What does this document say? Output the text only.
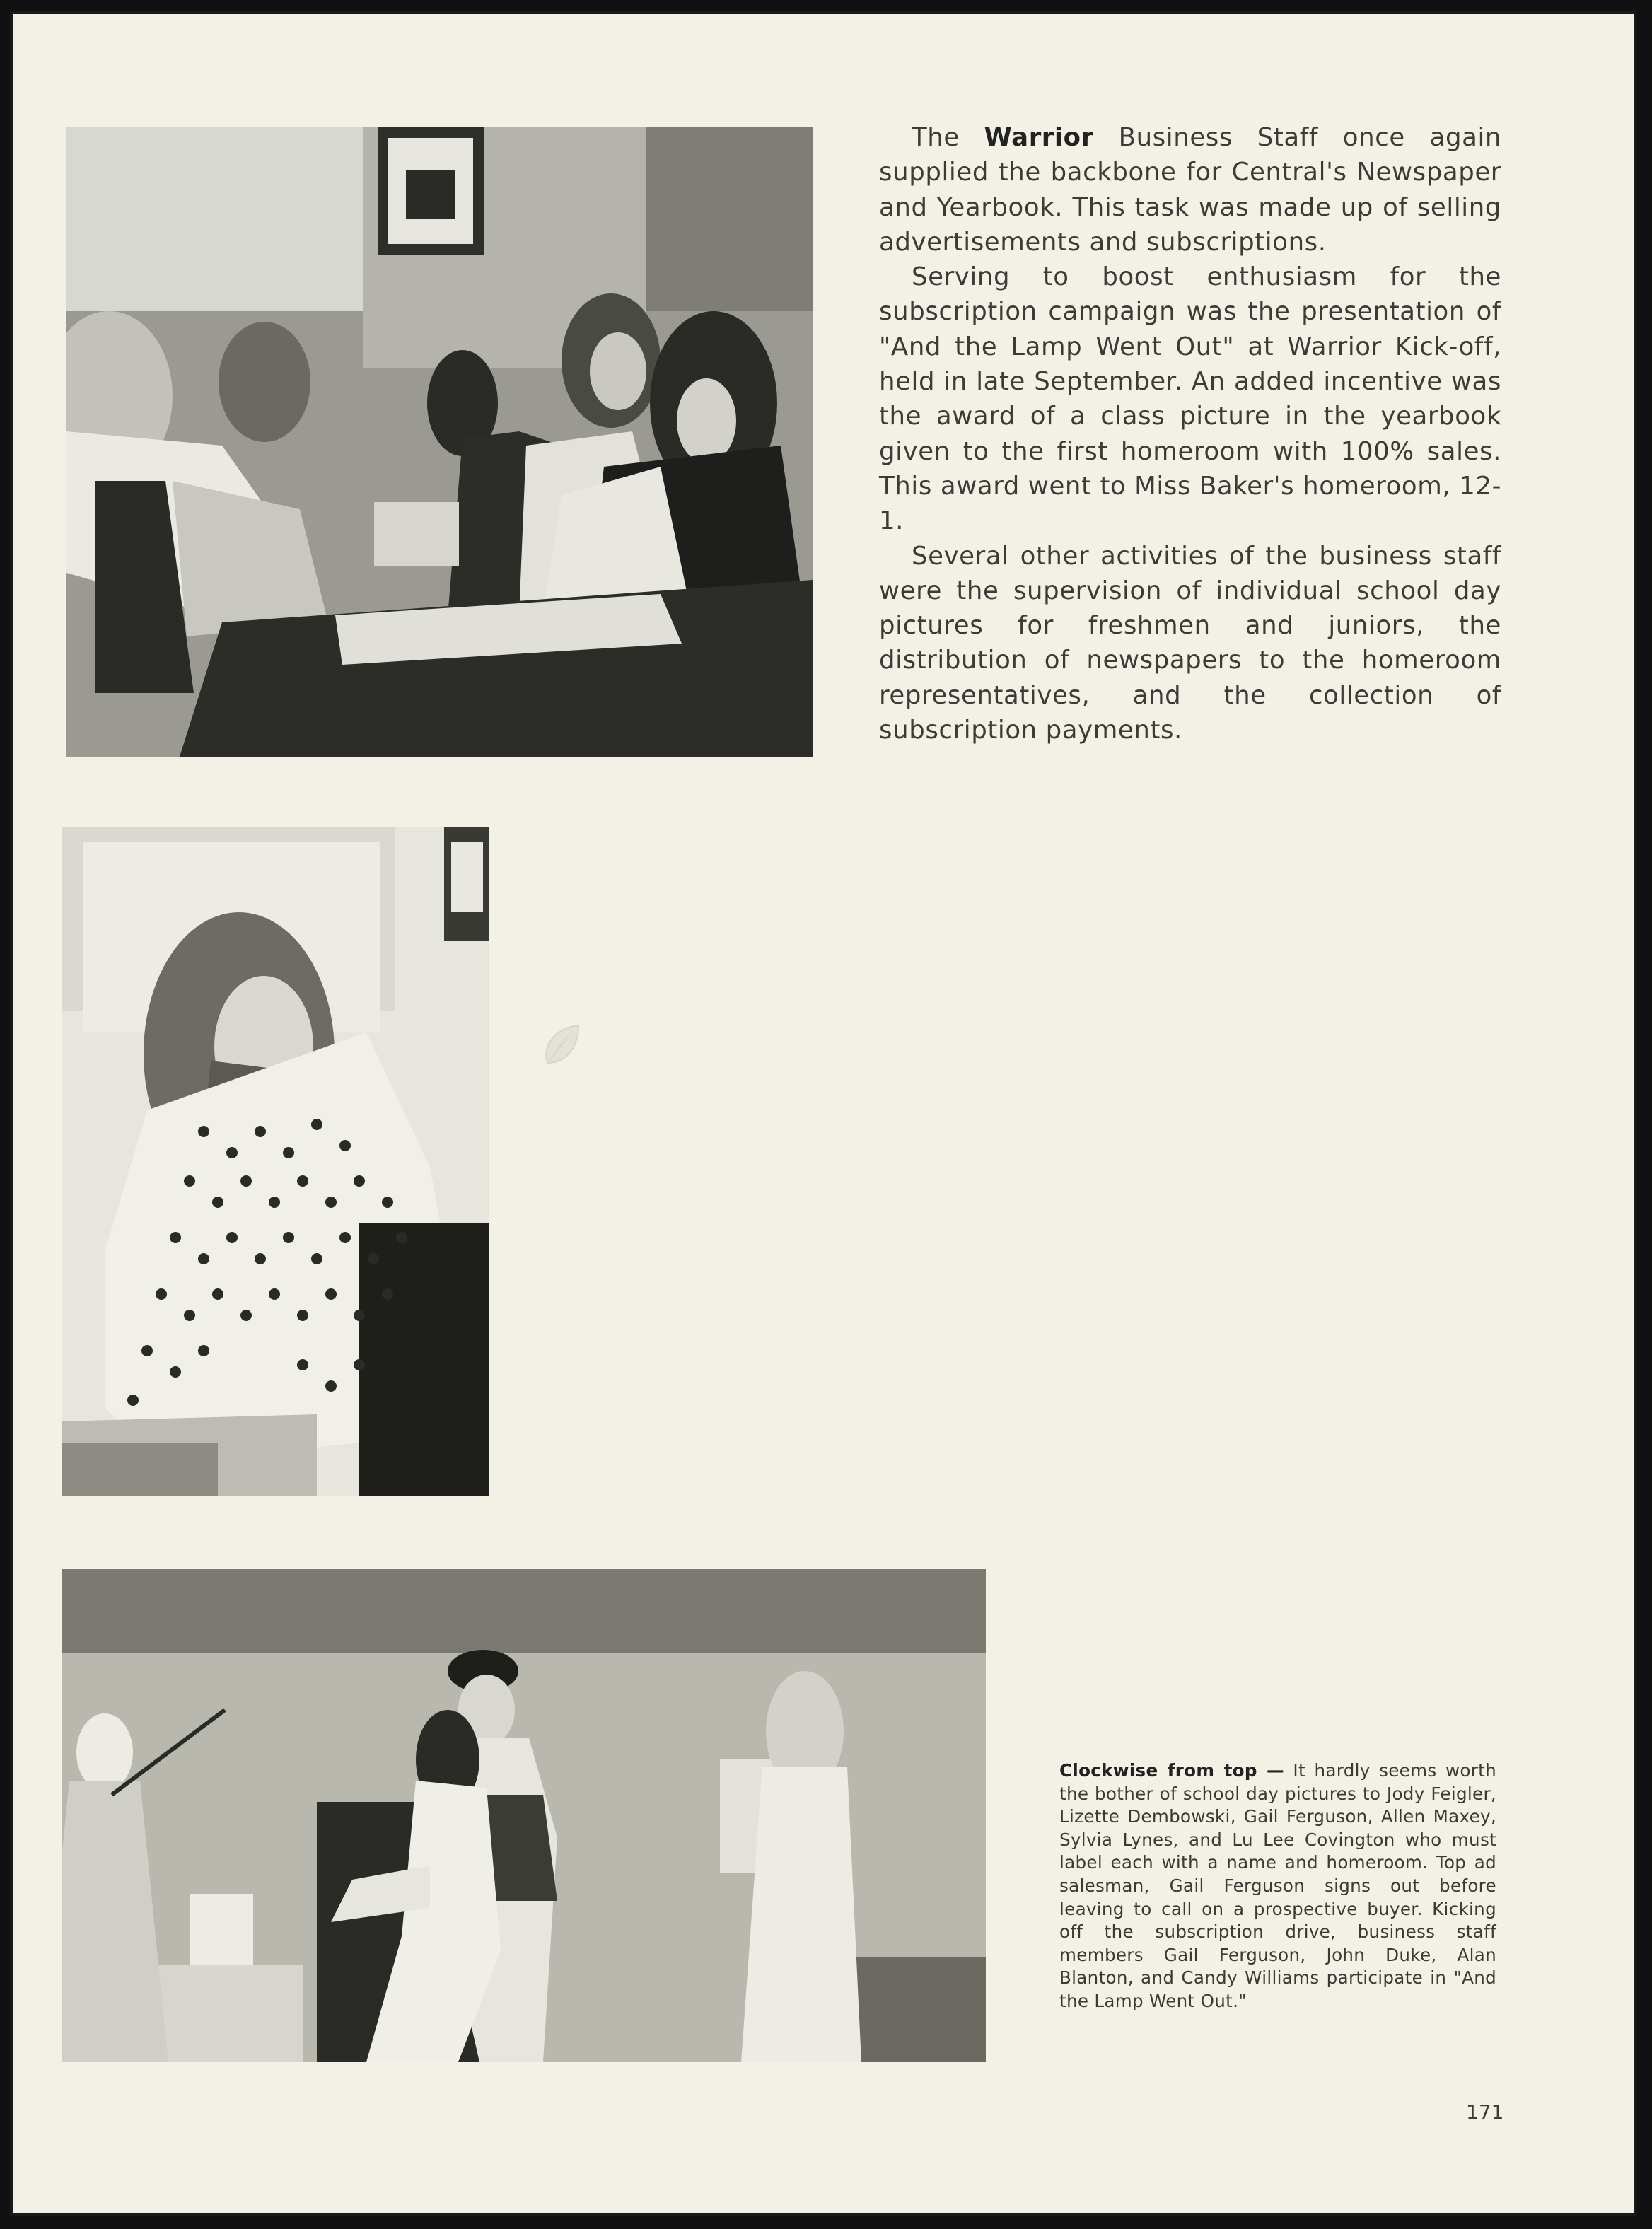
The Warrior Business Staff once again supplied the backbone for Central's Newspaper and Yearbook. This task was made up of selling advertisements and subscriptions.

Serving to boost enthusiasm for the subscription campaign was the presentation of "And the Lamp Went Out" at Warrior Kick-off, held in late September. An added incentive was the award of a class picture in the yearbook given to the first homeroom with 100% sales. This award went to Miss Baker's homeroom, 12-1.

Several other activities of the business staff were the supervision of individual school day pictures for freshmen and juniors, the distribution of newspapers to the homeroom representatives, and the collection of subscription payments.

Clockwise from top — It hardly seems worth the bother of school day pictures to Jody Feigler, Lizette Dembowski, Gail Ferguson, Allen Maxey, Sylvia Lynes, and Lu Lee Covington who must label each with a name and homeroom. Top ad salesman, Gail Ferguson signs out before leaving to call on a prospective buyer. Kicking off the subscription drive, business staff members Gail Ferguson, John Duke, Alan Blanton, and Candy Williams participate in "And the Lamp Went Out."
171
